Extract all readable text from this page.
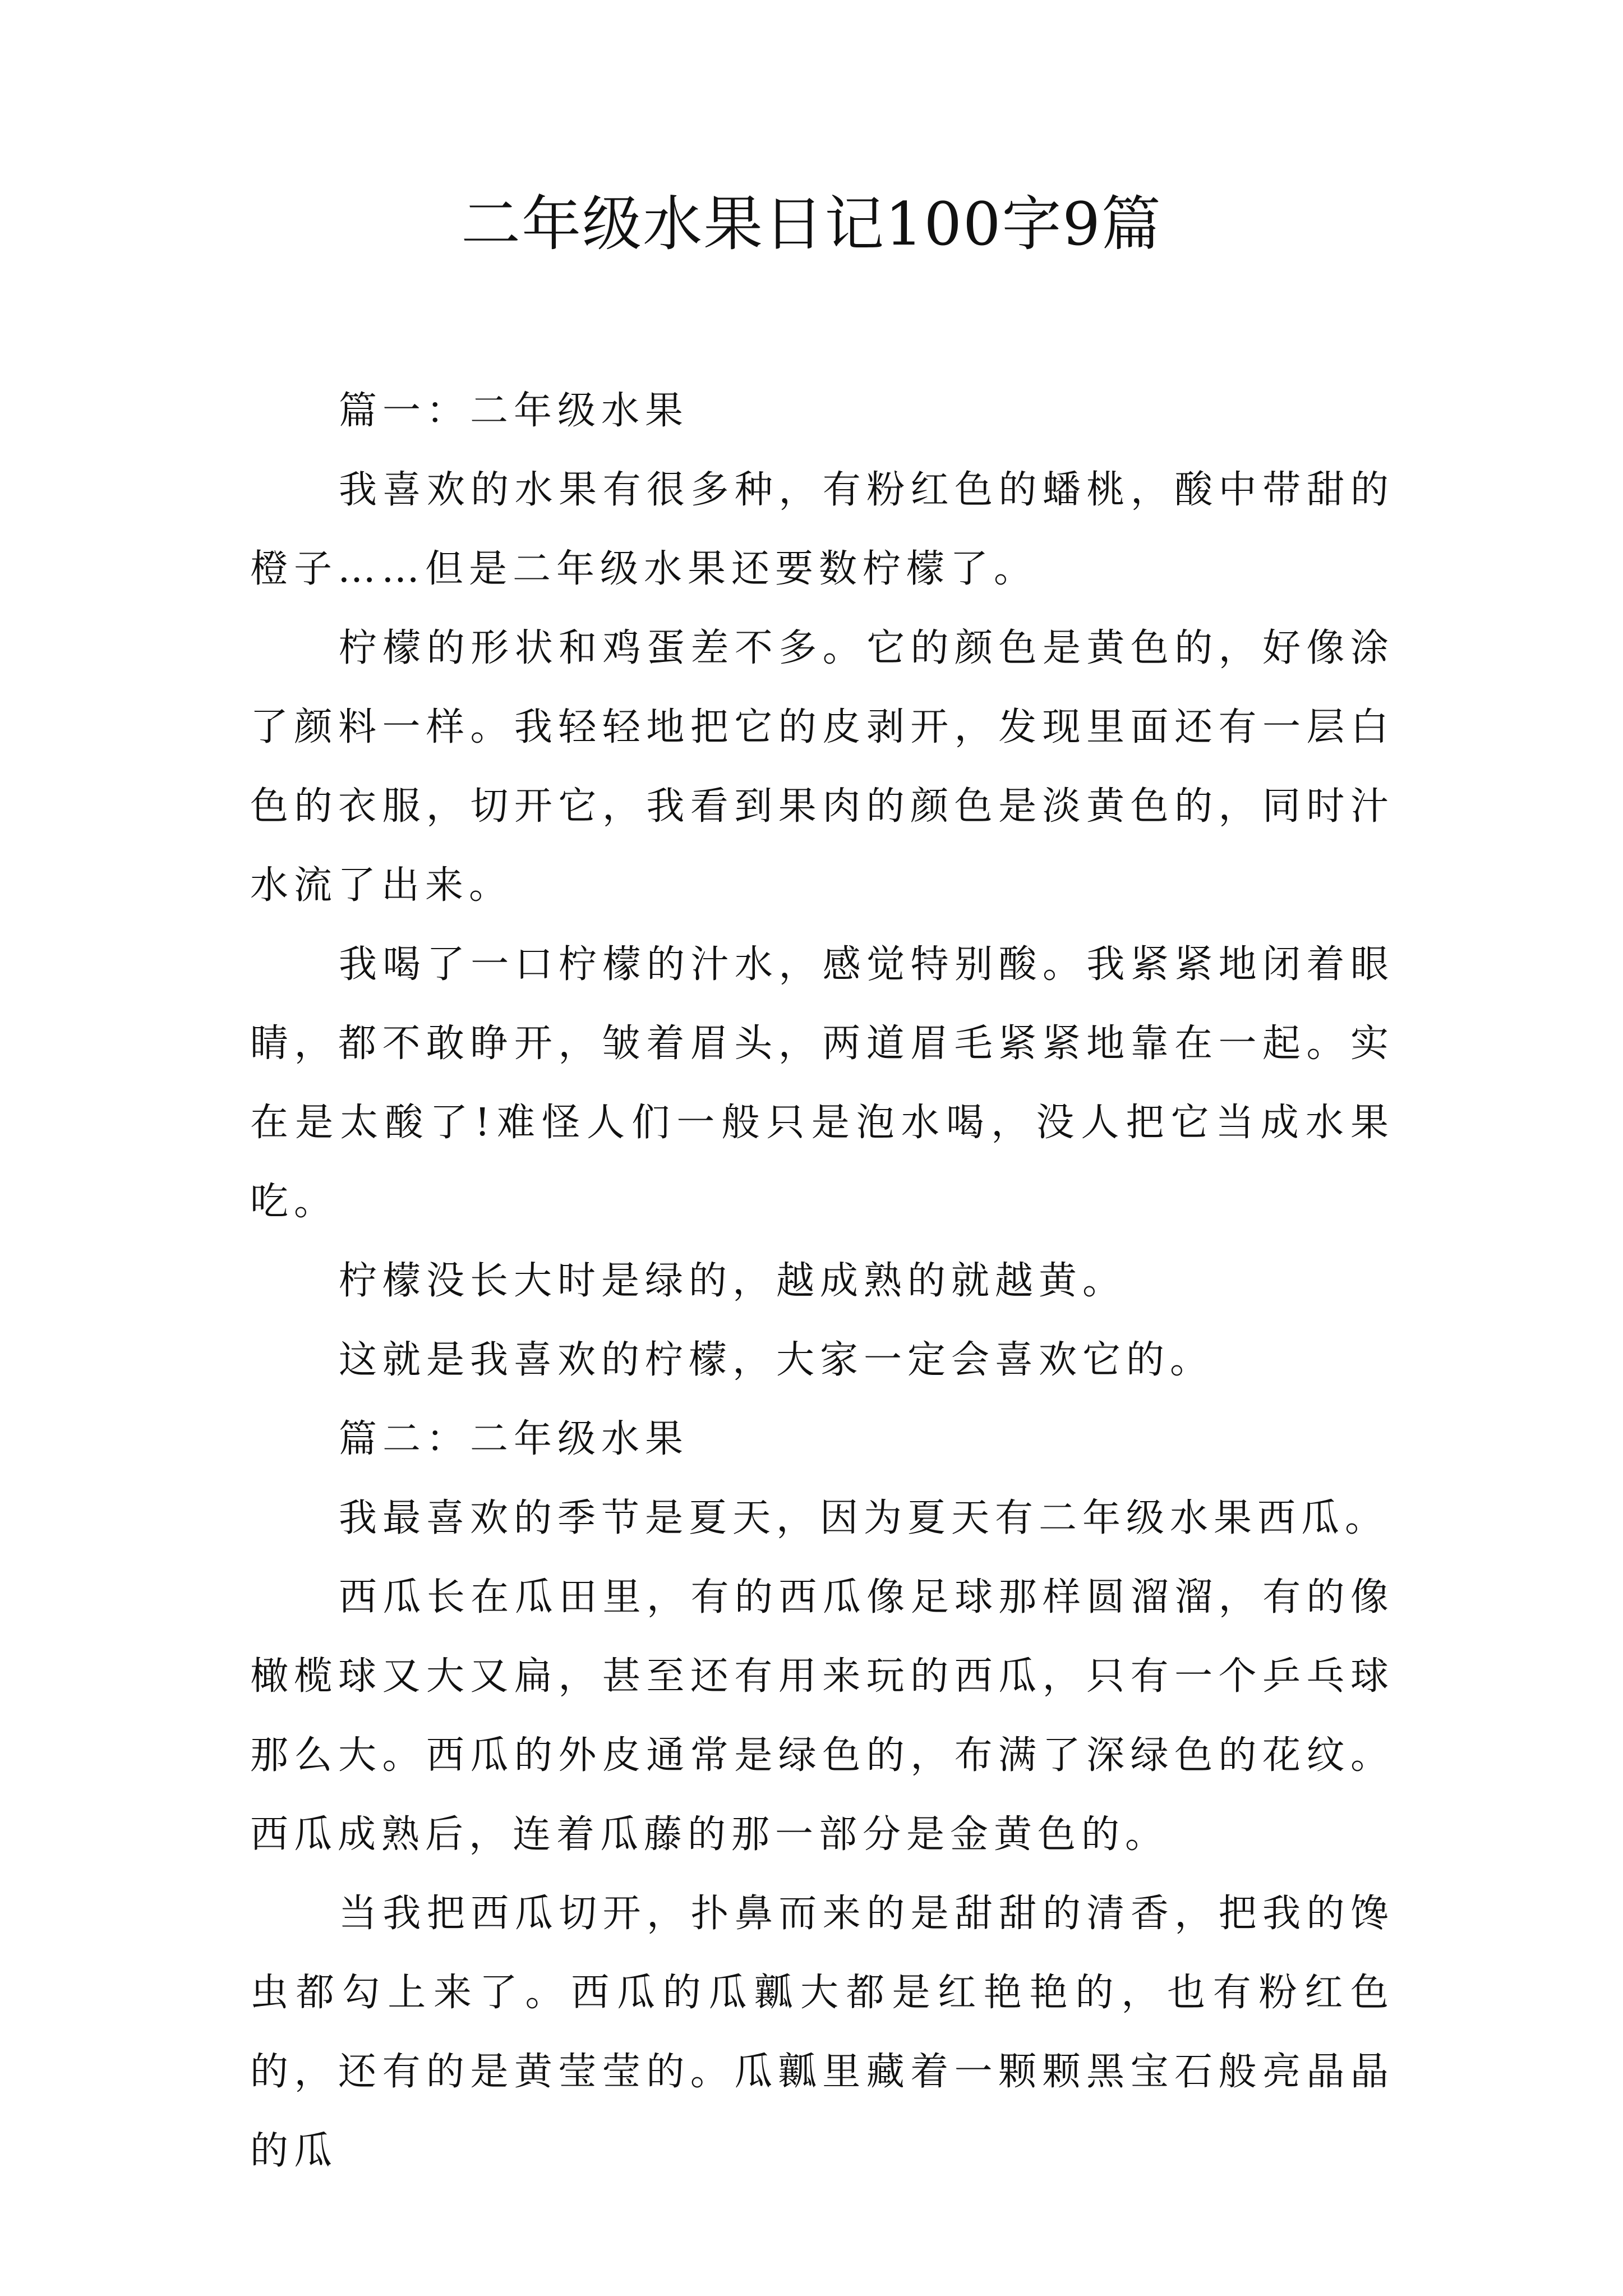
二年级水果日记100字9篇

篇一：二年级水果

我喜欢的水果有很多种，有粉红色的蟠桃，酸中带甜的橙子……但是二年级水果还要数柠檬了。

柠檬的形状和鸡蛋差不多。它的颜色是黄色的，好像涂了颜料一样。我轻轻地把它的皮剥开，发现里面还有一层白色的衣服，切开它，我看到果肉的颜色是淡黄色的，同时汁水流了出来。

我喝了一口柠檬的汁水，感觉特别酸。我紧紧地闭着眼睛，都不敢睁开，皱着眉头，两道眉毛紧紧地靠在一起。实在是太酸了!难怪人们一般只是泡水喝，没人把它当成水果吃。

柠檬没长大时是绿的，越成熟的就越黄。

这就是我喜欢的柠檬，大家一定会喜欢它的。

篇二：二年级水果

我最喜欢的季节是夏天，因为夏天有二年级水果西瓜。

西瓜长在瓜田里，有的西瓜像足球那样圆溜溜，有的像橄榄球又大又扁，甚至还有用来玩的西瓜，只有一个乒乓球那么大。西瓜的外皮通常是绿色的，布满了深绿色的花纹。西瓜成熟后，连着瓜藤的那一部分是金黄色的。

当我把西瓜切开，扑鼻而来的是甜甜的清香，把我的馋虫都勾上来了。西瓜的瓜瓤大都是红艳艳的，也有粉红色的，还有的是黄莹莹的。瓜瓤里藏着一颗颗黑宝石般亮晶晶的瓜
